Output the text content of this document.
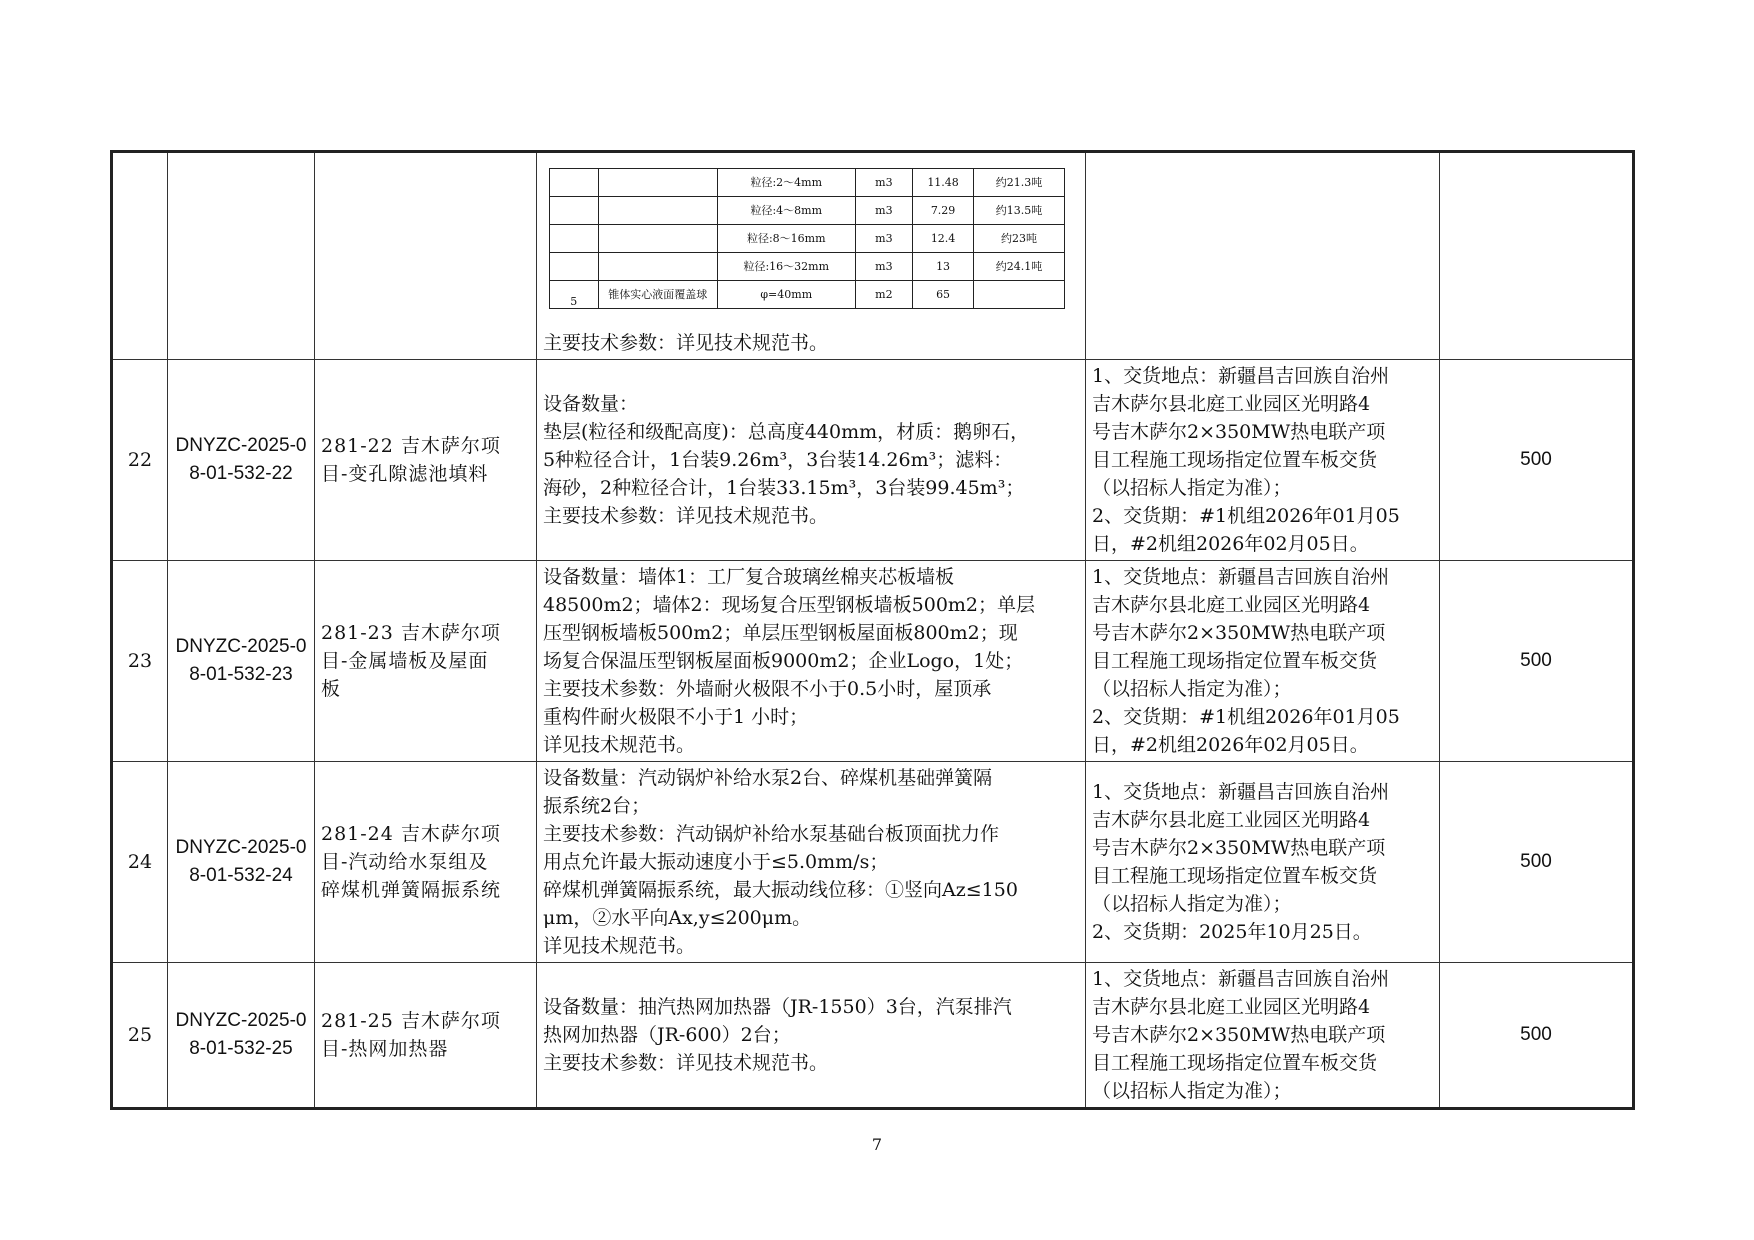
		粒径:2～4mm	m3	11.48	约21.3吨
		粒径:4～8mm	m3	7.29	约13.5吨
		粒径:8～16mm	m3	12.4	约23吨
		粒径:16～32mm	m3	13	约24.1吨
5	锥体实心液面覆盖球	φ=40mm	m2	65	
主要技术参数：详见技术规范书。

22	
DNYZC-2025-0
8-01-532-22

281-22 吉木萨尔项
目-变孔隙滤池填料

设备数量：
垫层(粒径和级配高度)：总高度440mm，材质：鹅卵石，
5种粒径合计，1台装9.26m³，3台装14.26m³；滤料：
海砂，2种粒径合计，1台装33.15m³，3台装99.45m³；
主要技术参数：详见技术规范书。

1、交货地点：新疆昌吉回族自治州
吉木萨尔县北庭工业园区光明路4
号吉木萨尔2×350MW热电联产项
目工程施工现场指定位置车板交货
（以招标人指定为准）；
2、交货期：#1机组2026年01月05
日，#2机组2026年02月05日。
	500
23	
DNYZC-2025-0
8-01-532-23

281-23 吉木萨尔项
目-金属墙板及屋面
板

设备数量：墙体1：工厂复合玻璃丝棉夹芯板墙板
48500m2；墙体2：现场复合压型钢板墙板500m2；单层
压型钢板墙板500m2；单层压型钢板屋面板800m2；现
场复合保温压型钢板屋面板9000m2；企业Logo，1处；
主要技术参数：外墙耐火极限不小于0.5小时，屋顶承
重构件耐火极限不小于1 小时；
详见技术规范书。

1、交货地点：新疆昌吉回族自治州
吉木萨尔县北庭工业园区光明路4
号吉木萨尔2×350MW热电联产项
目工程施工现场指定位置车板交货
（以招标人指定为准）；
2、交货期：#1机组2026年01月05
日，#2机组2026年02月05日。
	500
24	
DNYZC-2025-0
8-01-532-24

281-24 吉木萨尔项
目-汽动给水泵组及
碎煤机弹簧隔振系统

设备数量：汽动锅炉补给水泵2台、碎煤机基础弹簧隔
振系统2台；
主要技术参数：汽动锅炉补给水泵基础台板顶面扰力作
用点允许最大振动速度小于≤5.0mm/s；
碎煤机弹簧隔振系统，最大振动线位移：①竖向Az≤150
μm，②水平向Ax,y≤200μm。
详见技术规范书。

1、交货地点：新疆昌吉回族自治州
吉木萨尔县北庭工业园区光明路4
号吉木萨尔2×350MW热电联产项
目工程施工现场指定位置车板交货
（以招标人指定为准）；
2、交货期：2025年10月25日。
	500
25	
DNYZC-2025-0
8-01-532-25

281-25 吉木萨尔项
目-热网加热器

设备数量：抽汽热网加热器（JR-1550）3台，汽泵排汽
热网加热器（JR-600）2台；
主要技术参数：详见技术规范书。

1、交货地点：新疆昌吉回族自治州
吉木萨尔县北庭工业园区光明路4
号吉木萨尔2×350MW热电联产项
目工程施工现场指定位置车板交货
（以招标人指定为准）；
	500
7
